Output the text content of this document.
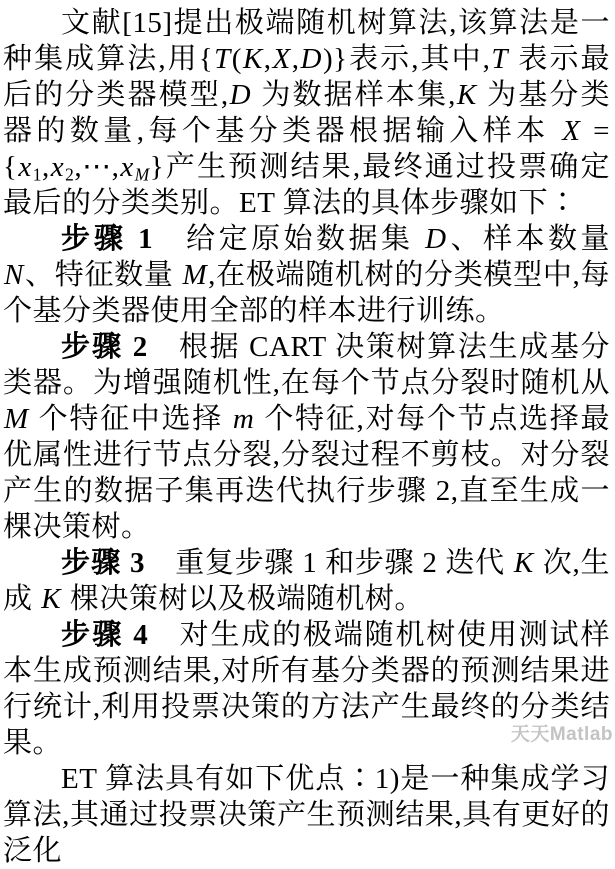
文献[15]提出极端随机树算法,该算法是一种集成算法,用{T(K,X,D)}表示,其中,T 表示最后的分类器模型,D 为数据样本集,K 为基分类器的数量,每个基分类器根据输入样本 $X = \{x_1,x_2,\cdots,x_M\}$产生预测结果,最终通过投票确定最后的分类类别。ET 算法的具体步骤如下∶

步骤 1 给定原始数据集 D、样本数量 N、特征数量 M,在极端随机树的分类模型中,每个基分类器使用全部的样本进行训练。

步骤 2 根据 CART 决策树算法生成基分类器。为增强随机性,在每个节点分裂时随机从 M 个特征中选择 m 个特征,对每个节点选择最优属性进行节点分裂,分裂过程不剪枝。对分裂产生的数据子集再迭代执行步骤 2,直至生成一棵决策树。

步骤 3 重复步骤 1 和步骤 2 迭代 K 次,生成 K 棵决策树以及极端随机树。

步骤 4 对生成的极端随机树使用测试样本生成预测结果,对所有基分类器的预测结果进行统计,利用投票决策的方法产生最终的分类结果。

ET 算法具有如下优点∶1)是一种集成学习算法,其通过投票决策产生预测结果,具有更好的泛化

天天Matlab
